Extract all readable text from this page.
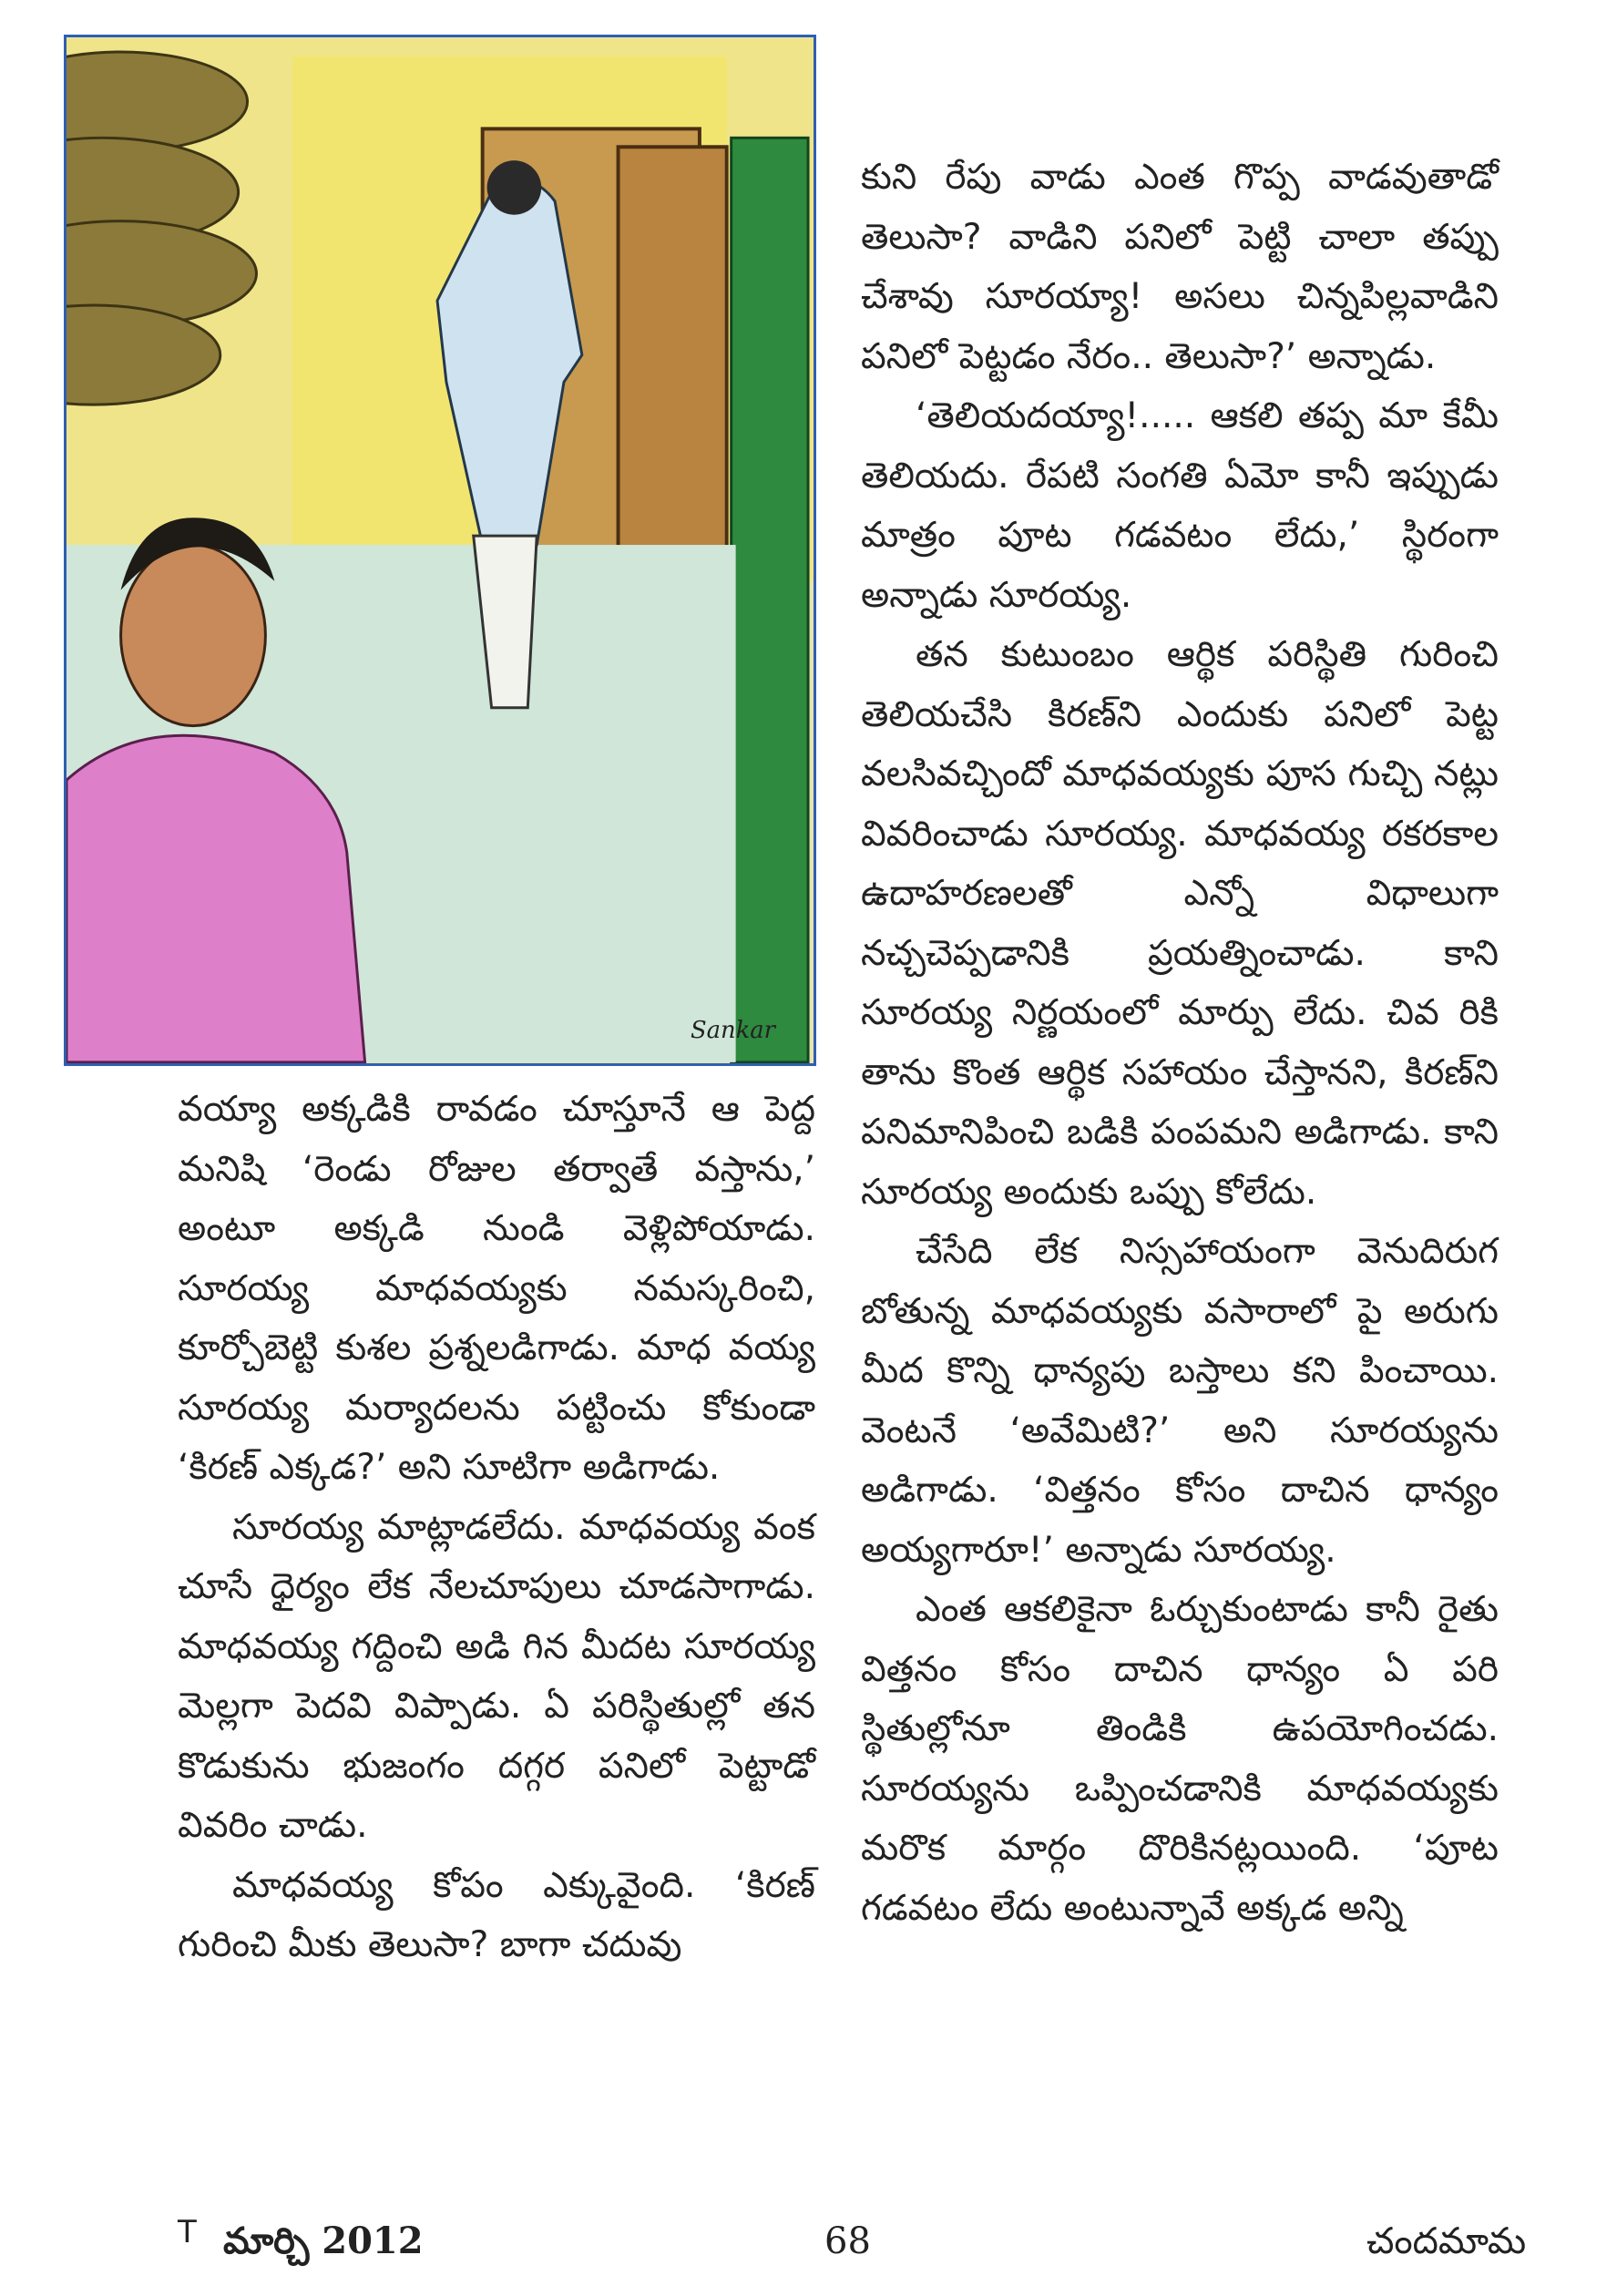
Sankar

వయ్యా అక్కడికి రావడం చూస్తూనే ఆ పెద్ద మనిషి ‘రెండు రోజుల తర్వాతే వస్తాను,’ అంటూ అక్కడి నుండి వెళ్లిపోయాడు. సూరయ్య మాధవయ్యకు నమస్కరించి, కూర్చోబెట్టి కుశల ప్రశ్నలడిగాడు. మాధ వయ్య సూరయ్య మర్యాదలను పట్టించు కోకుండా ‘కిరణ్ ఎక్కడ?’ అని సూటిగా అడిగాడు.

సూరయ్య మాట్లాడలేదు. మాధవయ్య వంక చూసే ధైర్యం లేక నేలచూపులు చూడసాగాడు. మాధవయ్య గద్దించి అడి గిన మీదట సూరయ్య మెల్లగా పెదవి విప్పాడు. ఏ పరిస్థితుల్లో తన కొడుకును భుజంగం దగ్గర పనిలో పెట్టాడో వివరిం చాడు.

మాధవయ్య కోపం ఎక్కువైంది. ‘కిరణ్ గురించి మీకు తెలుసా? బాగా చదువు

కుని రేపు వాడు ఎంత గొప్ప వాడవుతాడో తెలుసా? వాడిని పనిలో పెట్టి చాలా తప్పు చేశావు సూరయ్యా! అసలు చిన్నపిల్లవాడిని పనిలో పెట్టడం నేరం.. తెలుసా?’ అన్నాడు.

‘తెలియదయ్యా!..... ఆకలి తప్ప మా కేమీ తెలియదు. రేపటి సంగతి ఏమో కానీ ఇప్పుడు మాత్రం పూట గడవటం లేదు,’ స్థిరంగా అన్నాడు సూరయ్య.

తన కుటుంబం ఆర్థిక పరిస్థితి గురించి తెలియచేసి కిరణ్‌ని ఎందుకు పనిలో పెట్ట వలసివచ్చిందో మాధవయ్యకు పూస గుచ్చి నట్లు వివరించాడు సూరయ్య. మాధవయ్య రకరకాల ఉదాహరణలతో ఎన్నో విధాలుగా నచ్చచెప్పడానికి ప్రయత్నించాడు. కాని సూరయ్య నిర్ణయంలో మార్పు లేదు. చివ రికి తాను కొంత ఆర్థిక సహాయం చేస్తానని, కిరణ్‌ని పనిమానిపించి బడికి పంపమని అడిగాడు. కాని సూరయ్య అందుకు ఒప్పు కోలేదు.

చేసేది లేక నిస్సహాయంగా వెనుదిరుగ బోతున్న మాధవయ్యకు వసారాలో పై అరుగు మీద కొన్ని ధాన్యపు బస్తాలు కని పించాయి. వెంటనే ‘అవేమిటి?’ అని సూరయ్యను అడిగాడు. ‘విత్తనం కోసం దాచిన ధాన్యం అయ్యగారూ!’ అన్నాడు సూరయ్య.

ఎంత ఆకలికైనా ఓర్చుకుంటాడు కానీ రైతు విత్తనం కోసం దాచిన ధాన్యం ఏ పరి స్థితుల్లోనూ తిండికి ఉపయోగించడు. సూరయ్యను ఒప్పించడానికి మాధవయ్యకు మరొక మార్గం దొరికినట్లయింది. ‘పూట గడవటం లేదు అంటున్నావే అక్కడ అన్ని

T మార్చి 2012	68	చందమామ
